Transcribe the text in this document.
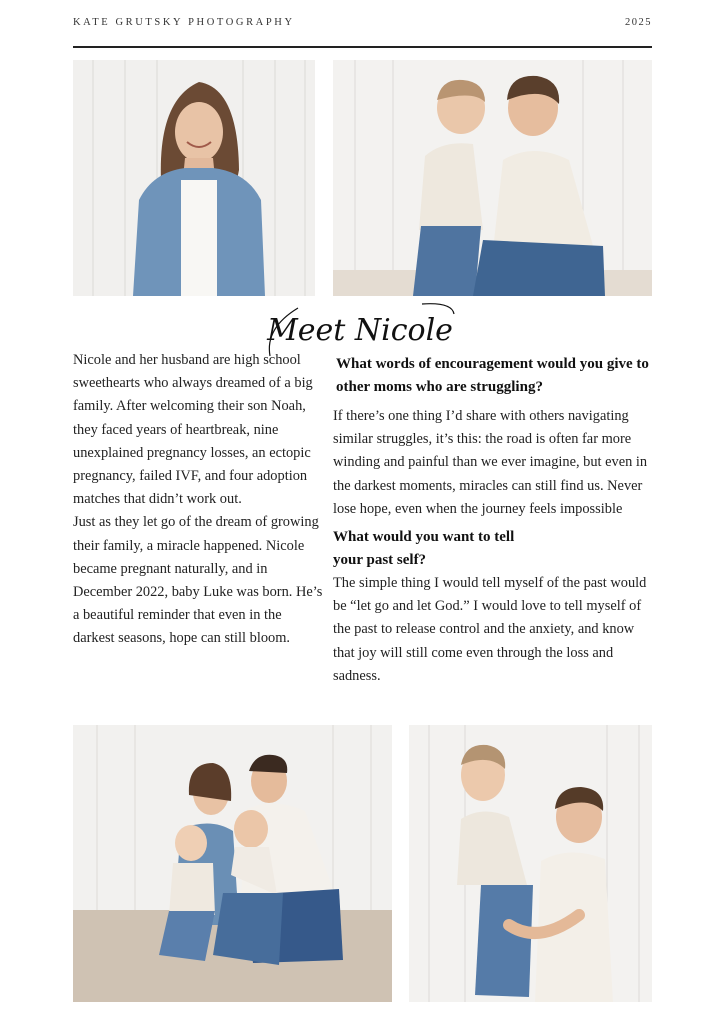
KATE GRUTSKY PHOTOGRAPHY	2025
Meet Nicole

Nicole and her husband are high school sweethearts who always dreamed of a big family. After welcoming their son Noah, they faced years of heartbreak, nine unexplained pregnancy losses, an ectopic pregnancy, failed IVF, and four adoption matches that didn’t work out.

Just as they let go of the dream of growing their family, a miracle happened. Nicole became pregnant naturally, and in December 2022, baby Luke was born. He’s a beautiful reminder that even in the darkest seasons, hope can still bloom.

What words of encouragement would you give to other moms who are struggling?

If there’s one thing I’d share with others navigating similar struggles, it’s this: the road is often far more winding and painful than we ever imagine, but even in the darkest moments, miracles can still find us. Never lose hope, even when the journey feels impossible

What would you want to tell

your past self?

The simple thing I would tell myself of the past would be “let go and let God.” I would love to tell myself of the past to release control and the anxiety, and know that joy will still come even through the loss and sadness.
